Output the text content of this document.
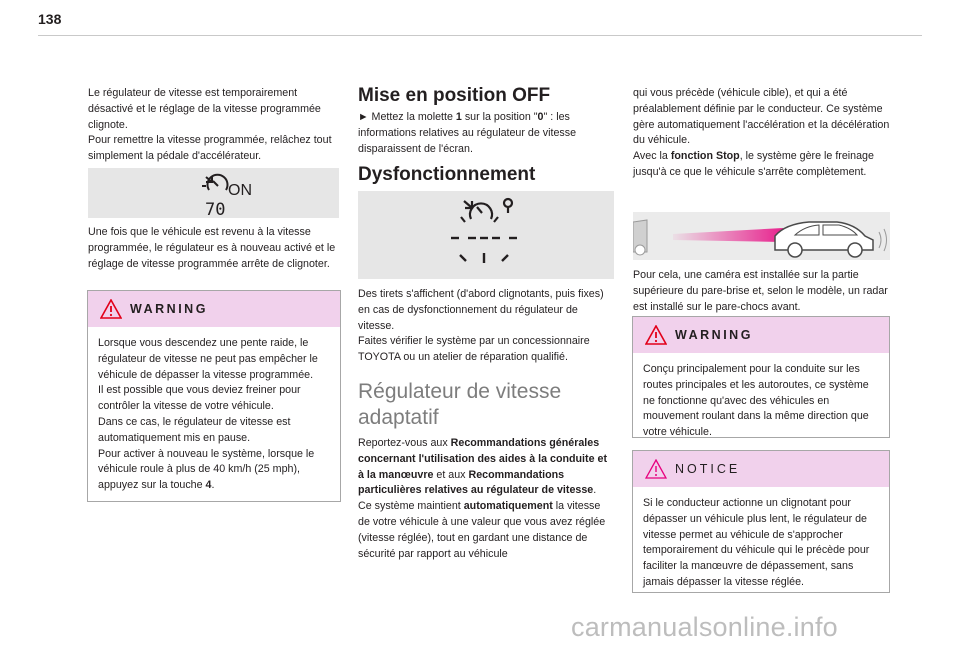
138

Le régulateur de vitesse est temporairement désactivé et le réglage de la vitesse programmée clignote.
Pour remettre la vitesse programmée, relâchez tout simplement la pédale d'accélérateur.

ON
70

Une fois que le véhicule est revenu à la vitesse programmée, le régulateur es à nouveau activé et le réglage de vitesse programmée arrête de clignoter.

WARNING

Lorsque vous descendez une pente raide, le régulateur de vitesse ne peut pas empêcher le véhicule de dépasser la vitesse programmée.
Il est possible que vous deviez freiner pour contrôler la vitesse de votre véhicule.
Dans ce cas, le régulateur de vitesse est automatiquement mis en pause.
Pour activer à nouveau le système, lorsque le véhicule roule à plus de 40 km/h (25 mph), appuyez sur la touche 4.

Mise en position OFF

► Mettez la molette 1 sur la position "0" : les informations relatives au régulateur de vitesse disparaissent de l'écran.

Dysfonctionnement

Des tirets s'affichent (d'abord clignotants, puis fixes) en cas de dysfonctionnement du régulateur de vitesse.
Faites vérifier le système par un concessionnaire TOYOTA ou un atelier de réparation qualifié.

Régulateur de vitesse adaptatif

Reportez-vous aux Recommandations générales concernant l'utilisation des aides à la conduite et à la manœuvre et aux Recommandations particulières relatives au régulateur de vitesse.
Ce système maintient automatiquement la vitesse de votre véhicule à une valeur que vous avez réglée (vitesse réglée), tout en gardant une distance de sécurité par rapport au véhicule

qui vous précède (véhicule cible), et qui a été préalablement définie par le conducteur. Ce système gère automatiquement l'accélération et la décélération du véhicule.
Avec la fonction Stop, le système gère le freinage jusqu'à ce que le véhicule s'arrête complètement.

Pour cela, une caméra est installée sur la partie supérieure du pare-brise et, selon le modèle, un radar est installé sur le pare-chocs avant.

WARNING

Conçu principalement pour la conduite sur les routes principales et les autoroutes, ce système ne fonctionne qu'avec des véhicules en mouvement roulant dans la même direction que votre véhicule.

NOTICE

Si le conducteur actionne un clignotant pour dépasser un véhicule plus lent, le régulateur de vitesse permet au véhicule de s'approcher temporairement du véhicule qui le précède pour faciliter la manœuvre de dépassement, sans jamais dépasser la vitesse réglée.

carmanualsonline.info
